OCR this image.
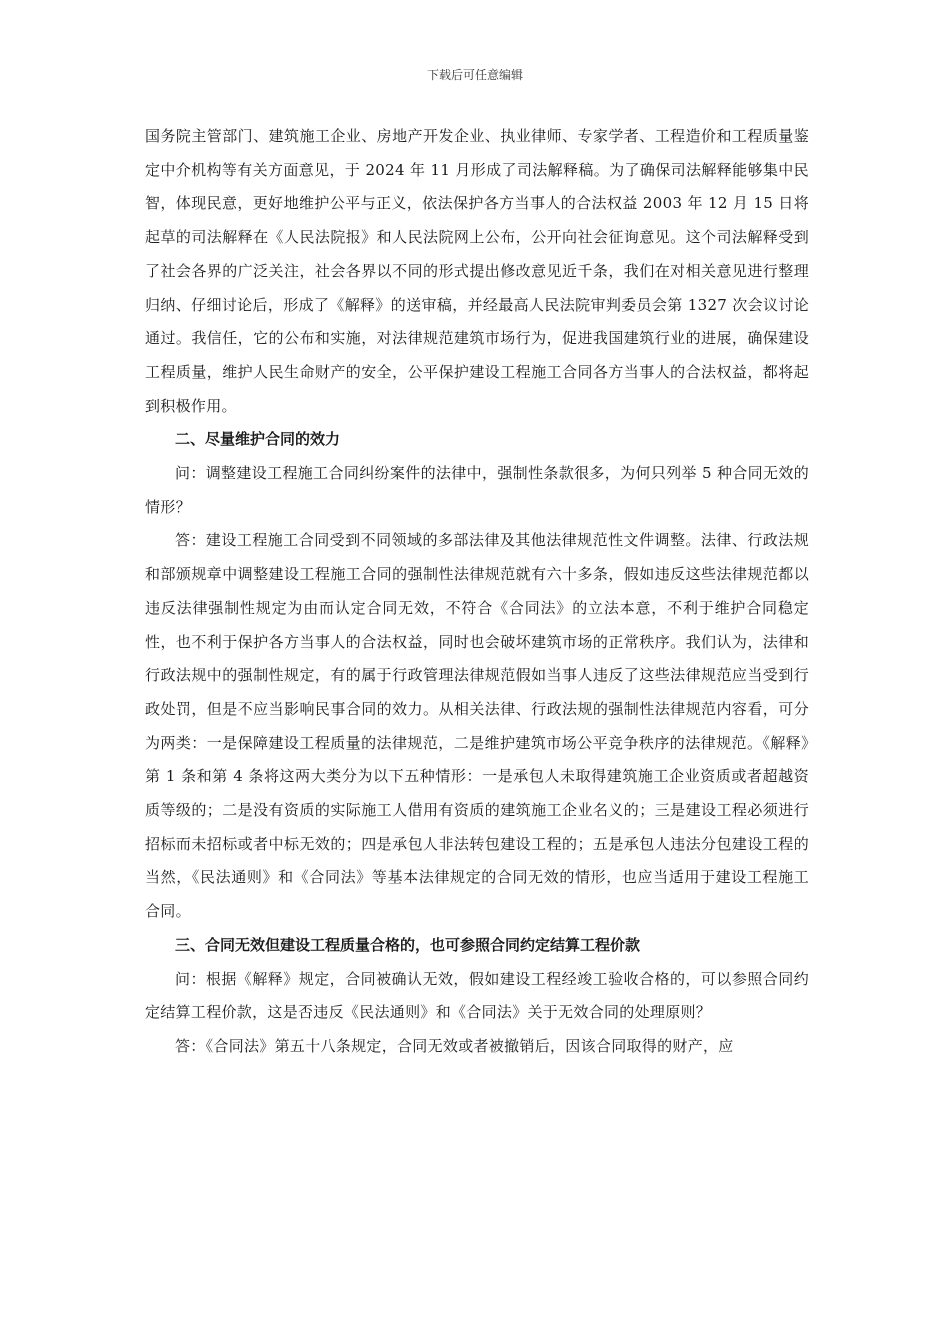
下载后可任意编辑

国务院主管部门、建筑施工企业、房地产开发企业、执业律师、专家学者、工程造价和工程质量鉴定中介机构等有关方面意见，于 2024 年 11 月形成了司法解释稿。为了确保司法解释能够集中民智，体现民意，更好地维护公平与正义，依法保护各方当事人的合法权益 2003 年 12 月 15 日将起草的司法解释在《人民法院报》和人民法院网上公布，公开向社会征询意见。这个司法解释受到了社会各界的广泛关注，社会各界以不同的形式提出修改意见近千条，我们在对相关意见进行整理归纳、仔细讨论后，形成了《解释》的送审稿，并经最高人民法院审判委员会第 1327 次会议讨论通过。我信任，它的公布和实施，对法律规范建筑市场行为，促进我国建筑行业的进展，确保建设工程质量，维护人民生命财产的安全，公平保护建设工程施工合同各方当事人的合法权益，都将起到积极作用。

二、尽量维护合同的效力

问：调整建设工程施工合同纠纷案件的法律中，强制性条款很多，为何只列举 5 种合同无效的情形？

答：建设工程施工合同受到不同领域的多部法律及其他法律规范性文件调整。法律、行政法规和部颁规章中调整建设工程施工合同的强制性法律规范就有六十多条，假如违反这些法律规范都以违反法律强制性规定为由而认定合同无效，不符合《合同法》的立法本意，不利于维护合同稳定性，也不利于保护各方当事人的合法权益，同时也会破坏建筑市场的正常秩序。我们认为，法律和行政法规中的强制性规定，有的属于行政管理法律规范假如当事人违反了这些法律规范应当受到行政处罚，但是不应当影响民事合同的效力。从相关法律、行政法规的强制性法律规范内容看，可分为两类：一是保障建设工程质量的法律规范，二是维护建筑市场公平竞争秩序的法律规范。《解释》第 1 条和第 4 条将这两大类分为以下五种情形：一是承包人未取得建筑施工企业资质或者超越资质等级的；二是没有资质的实际施工人借用有资质的建筑施工企业名义的；三是建设工程必须进行招标而未招标或者中标无效的；四是承包人非法转包建设工程的；五是承包人违法分包建设工程的当然，《民法通则》和《合同法》等基本法律规定的合同无效的情形，也应当适用于建设工程施工合同。

三、合同无效但建设工程质量合格的，也可参照合同约定结算工程价款

问：根据《解释》规定，合同被确认无效，假如建设工程经竣工验收合格的，可以参照合同约定结算工程价款，这是否违反《民法通则》和《合同法》关于无效合同的处理原则？

答：《合同法》第五十八条规定，合同无效或者被撤销后，因该合同取得的财产，应
